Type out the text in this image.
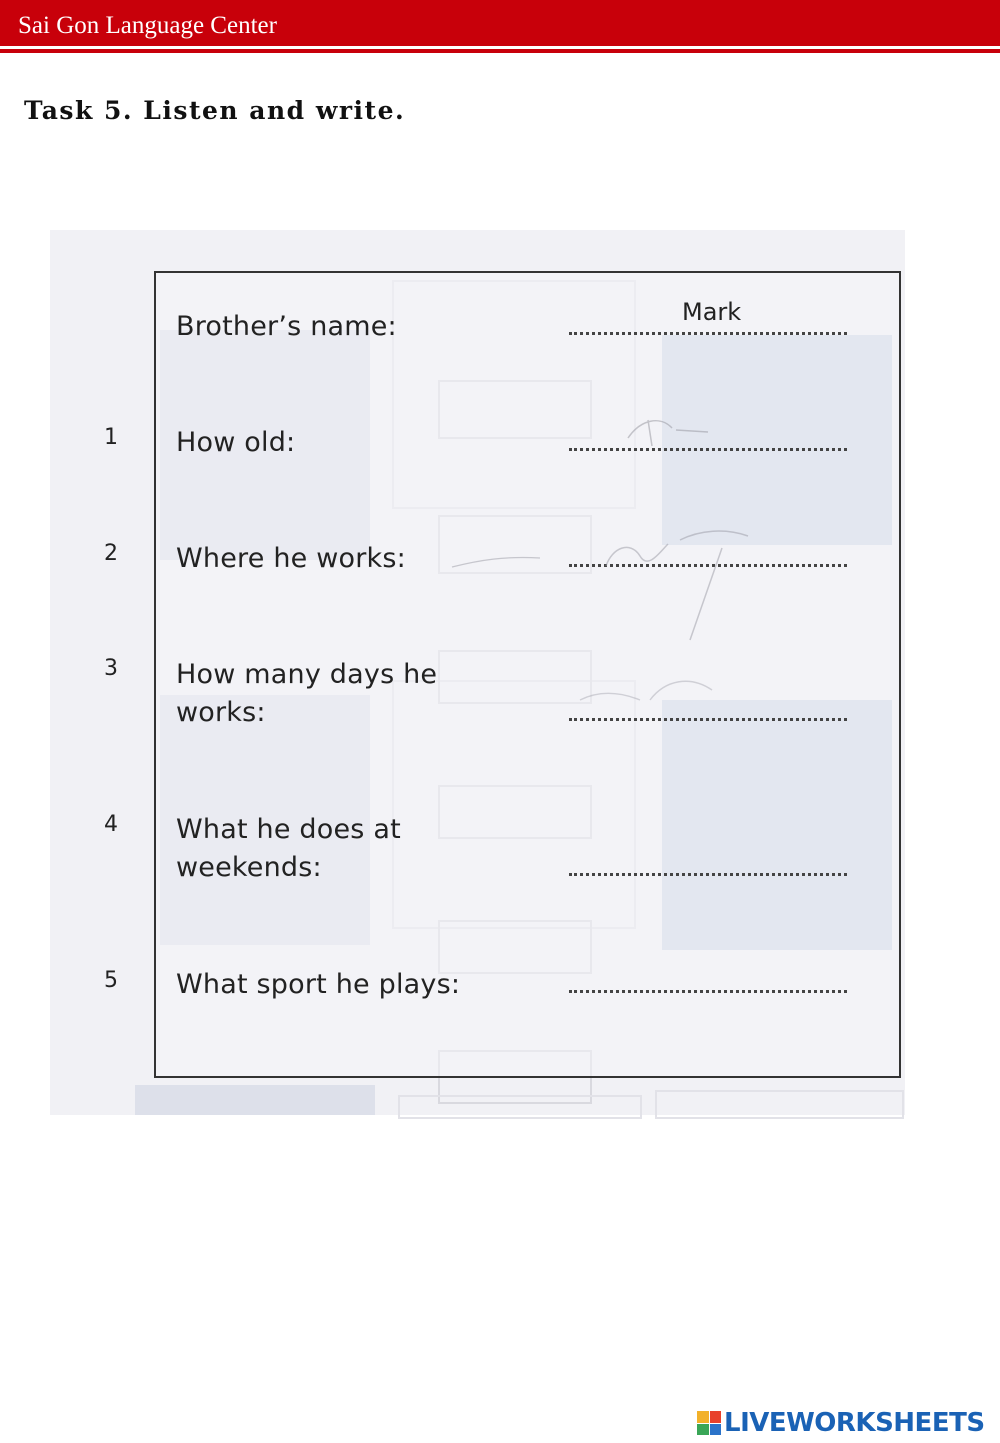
Sai Gon Language Center
Task 5. Listen and write.
Brother’s name:	Mark
1 How old:
2 Where he works:
3 How many days he
works:
4 What he does at
weekends:
5 What sport he plays:
LIVEWORKSHEETS
